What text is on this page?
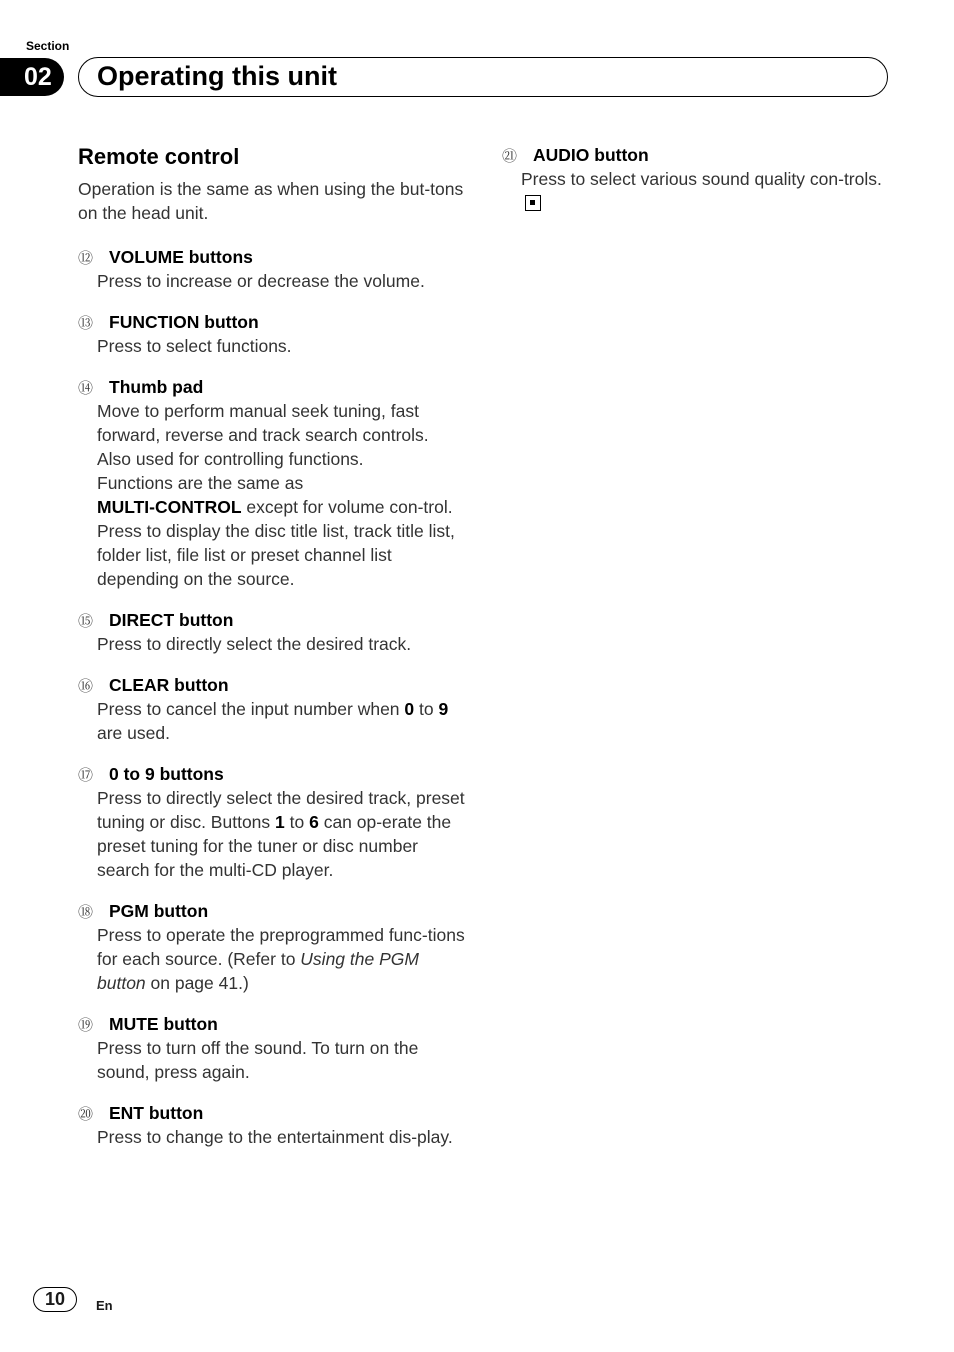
Section
02	Operating this unit
Remote control

Operation is the same as when using the but-tons on the head unit.

⑫ VOLUME buttons
Press to increase or decrease the volume.
⑬ FUNCTION button
Press to select functions.
⑭ Thumb pad
Move to perform manual seek tuning, fast forward, reverse and track search controls.
Also used for controlling functions.
Functions are the same as
MULTI-CONTROL except for volume con-trol.
Press to display the disc title list, track title list, folder list, file list or preset channel list depending on the source.
⑮ DIRECT button
Press to directly select the desired track.
⑯ CLEAR button
Press to cancel the input number when 0 to 9 are used.
⑰ 0 to 9 buttons
Press to directly select the desired track, preset tuning or disc. Buttons 1 to 6 can op-erate the preset tuning for the tuner or disc number search for the multi-CD player.
⑱ PGM button
Press to operate the preprogrammed func-tions for each source. (Refer to Using the PGM button on page 41.)
⑲ MUTE button
Press to turn off the sound. To turn on the sound, press again.
⑳ ENT button
Press to change to the entertainment dis-play.
㉑ AUDIO button
Press to select various sound quality con-trols.
10	En
